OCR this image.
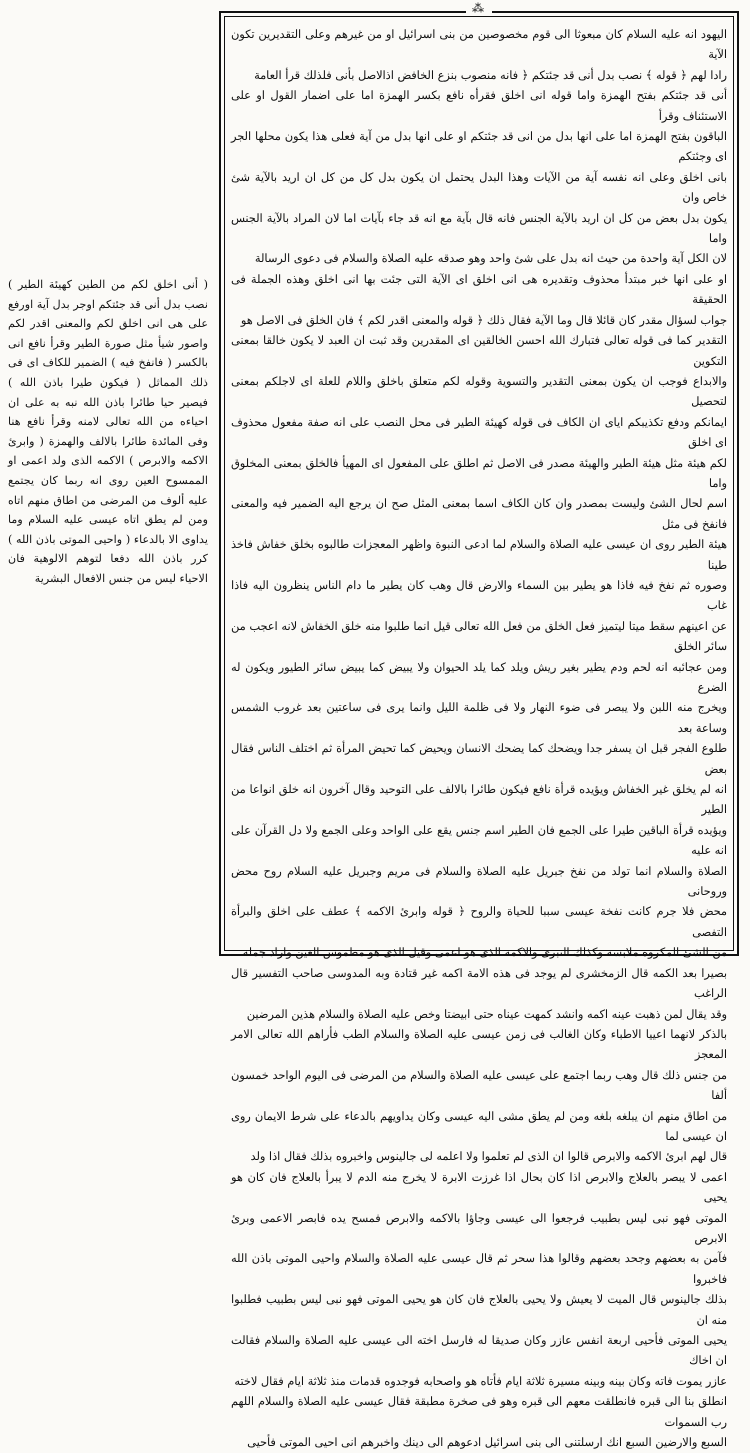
( أنى اخلق لكم من الطين كهيئة الطير ) نصب بدل أنى قد جئتكم اوجر بدل آية اورفع على هى انى اخلق لكم والمعنى اقدر لكم واصور شيأ مثل صورة الطير وقرأ نافع انى بالكسر ( فانفخ فيه ) الضمير للكاف اى فى ذلك المماثل ( فيكون طيرا باذن الله ) فيصير حيا طائرا باذن الله نبه به على ان احياءه من الله تعالى لامنه وقرأ نافع هنا وفى المائدة طائرا بالالف والهمزة ( وابرئ الاكمه والابرص ) الاكمه الذى ولد اعمى او الممسوح العين روى انه ربما كان يجتمع عليه ألوف من المرضى من اطاق منهم اتاه ومن لم يطق اتاه عيسى عليه السلام وما يداوى الا بالدعاء ( واحيى الموتى باذن الله ) كرر باذن الله دفعا لتوهم الالوهية فان الاحياء ليس من جنس الافعال البشرية

⁂

اليهود انه عليه السلام كان مبعوثا الى قوم مخصوصين من بنى اسرائيل او من غيرهم وعلى التقديرين تكون الآية

رادا لهم ﴿ قوله ﴾ نصب بدل أنى قد جئتكم ﴿ فانه منصوب بنزع الخافض اذالاصل بأنى فلذلك قرأ العامة

أنى قد جئتكم بفتح الهمزة واما قوله انى اخلق فقرأه نافع بكسر الهمزة اما على اضمار القول او على الاستئناف وقرأ

الباقون بفتح الهمزة اما على انها بدل من انى قد جئتكم او على انها بدل من آية فعلى هذا يكون محلها الجر اى وجئتكم

بانى اخلق وعلى انه نفسه آية من الآيات وهذا البدل يحتمل ان يكون بدل كل من كل ان اريد بالآية شئ خاص وان

يكون بدل بعض من كل ان اريد بالآية الجنس فانه قال بآية مع انه قد جاء بآيات اما لان المراد بالآية الجنس واما

لان الكل آية واحدة من حيث انه بدل على شئ واحد وهو صدقه عليه الصلاة والسلام فى دعوى الرسالة

او على انها خبر مبتدأ محذوف وتقديره هى انى اخلق اى الآية التى جئت بها انى اخلق وهذه الجملة فى الحقيقة

جواب لسؤال مقدر كان قائلا قال وما الآية فقال ذلك ﴿ قوله والمعنى اقدر لكم ﴾ فان الخلق فى الاصل هو

التقدير كما فى قوله تعالى فتبارك الله احسن الخالقين اى المقدرين وقد ثبت ان العبد لا يكون خالقا بمعنى التكوين

والابداع فوجب ان يكون بمعنى التقدير والتسوية وقوله لكم متعلق باخلق واللام للعلة اى لاجلكم بمعنى لتحصيل

ايمانكم ودفع تكذيبكم اياى ان الكاف فى قوله كهيئة الطير فى محل النصب على انه صفة مفعول محذوف اى اخلق

لكم هيئة مثل هيئة الطير والهيئة مصدر فى الاصل ثم اطلق على المفعول اى المهيأ فالخلق بمعنى المخلوق واما

اسم لحال الشئ وليست بمصدر وان كان الكاف اسما بمعنى المثل صح ان يرجع اليه الضمير فيه والمعنى فانفخ فى مثل

هيئة الطير روى ان عيسى عليه الصلاة والسلام لما ادعى النبوة واظهر المعجزات طالبوه بخلق خفاش فاخذ طينا

وصوره ثم نفخ فيه فاذا هو يطير بين السماء والارض قال وهب كان يطير ما دام الناس ينظرون اليه فاذا غاب

عن اعينهم سقط ميتا ليتميز فعل الخلق من فعل الله تعالى قيل انما طلبوا منه خلق الخفاش لانه اعجب من سائر الخلق

ومن عجائبه انه لحم ودم يطير بغير ريش ويلد كما يلد الحيوان ولا يبيض كما يبيض سائر الطيور ويكون له الضرع

ويخرج منه اللبن ولا يبصر فى ضوء النهار ولا فى ظلمة الليل وانما يرى فى ساعتين بعد غروب الشمس وساعة بعد

طلوع الفجر قبل ان يسفر جدا ويضحك كما يضحك الانسان ويحيض كما تحيض المرأة ثم اختلف الناس فقال بعض

انه لم يخلق غير الخفاش ويؤيده قرأة نافع فيكون طائرا بالالف على التوحيد وقال آخرون انه خلق انواعا من الطير

ويؤيده قرأة الباقين طيرا على الجمع فان الطير اسم جنس يقع على الواحد وعلى الجمع ولا دل القرآن على انه عليه

الصلاة والسلام انما تولد من نفخ جبريل عليه الصلاة والسلام فى مريم وجبريل عليه السلام روح محض وروحانى

محض فلا جرم كانت نفخة عيسى سببا للحياة والروح ﴿ قوله وابرئ الاكمه ﴾ عطف على اخلق والبرأة التفصى

من الشئ المكروه ملابسة وكذلك التبرى والاكمه الذى هو اعمى وقيل الذى هو مطموس العين واراد جمله

بصيرا بعد الكمه قال الزمخشرى لم يوجد فى هذه الامة اكمه غير قتادة وبه المدوسى صاحب التفسير قال الراغب

وقد يقال لمن ذهبت عينه اكمه وانشد كمهت عيناه حتى ابيضتا وخص عليه الصلاة والسلام هذين المرضين

بالذكر لانهما اعييا الاطباء وكان الغالب فى زمن عيسى عليه الصلاة والسلام الطب فأراهم الله تعالى الامر المعجز

من جنس ذلك قال وهب ربما اجتمع على عيسى عليه الصلاة والسلام من المرضى فى اليوم الواحد خمسون ألفا

من اطاق منهم ان يبلغه بلغه ومن لم يطق مشى اليه عيسى وكان يداويهم بالدعاء على شرط الايمان روى ان عيسى لما

قال لهم ابرئ الاكمه والابرص قالوا ان الذى لم تعلموا ولا اعلمه لى جالينوس واخبروه بذلك فقال اذا ولد

اعمى لا يبصر بالعلاج والابرص اذا كان بحال اذا غرزت الابرة لا يخرج منه الدم لا يبرأ بالعلاج فان كان هو يحيى

الموتى فهو نبى ليس بطبيب فرجعوا الى عيسى وجاؤا بالاكمه والابرص فمسح يده فابصر الاعمى وبرئ الابرص

فآمن به بعضهم وجحد بعضهم وقالوا هذا سحر ثم قال عيسى عليه الصلاة والسلام واحيى الموتى باذن الله فاخبروا

بذلك جالينوس قال الميت لا يعيش ولا يحيى بالعلاج فان كان هو يحيى الموتى فهو نبى ليس بطبيب فطلبوا منه ان

يحيى الموتى فأحيى اربعة انفس عازر وكان صديقا له فارسل اخته الى عيسى عليه الصلاة والسلام فقالت ان اخاك

عازر يموت فاته وكان بينه وبينه مسيرة ثلاثة ايام فأتاه هو واصحابه فوجدوه قدمات منذ ثلاثة ايام فقال لاخته

انطلق بنا الى قبره فانطلقت معهم الى قبره وهو فى صخرة مطبقة فقال عيسى عليه الصلاة والسلام اللهم رب السموات

السبع والارضين السبع انك ارسلتنى الى بنى اسرائيل ادعوهم الى دينك واخبرهم انى احيى الموتى فأحيى
